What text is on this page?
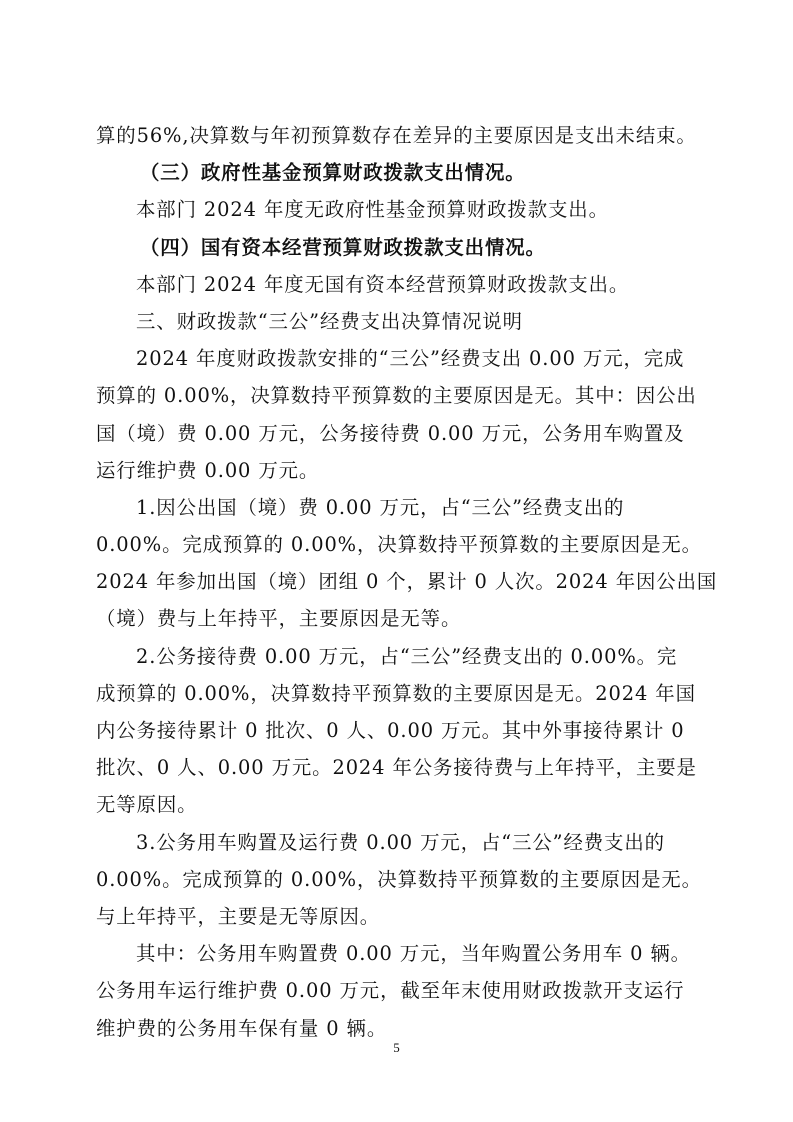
算的56%,决算数与年初预算数存在差异的主要原因是支出未结束。

（三）政府性基金预算财政拨款支出情况。

本部门 2024 年度无政府性基金预算财政拨款支出。

（四）国有资本经营预算财政拨款支出情况。

本部门 2024 年度无国有资本经营预算财政拨款支出。

三、财政拨款“三公”经费支出决算情况说明

2024 年度财政拨款安排的“三公”经费支出 0.00 万元，完成

预算的 0.00%，决算数持平预算数的主要原因是无。其中：因公出

国（境）费 0.00 万元，公务接待费 0.00 万元，公务用车购置及

运行维护费 0.00 万元。

1.因公出国（境）费 0.00 万元，占“三公”经费支出的

0.00%。完成预算的 0.00%，决算数持平预算数的主要原因是无。

2024 年参加出国（境）团组 0 个，累计 0 人次。2024 年因公出国

（境）费与上年持平，主要原因是无等。

2.公务接待费 0.00 万元，占“三公”经费支出的 0.00%。完

成预算的 0.00%，决算数持平预算数的主要原因是无。2024 年国

内公务接待累计 0 批次、0 人、0.00 万元。其中外事接待累计 0

批次、0 人、0.00 万元。2024 年公务接待费与上年持平，主要是

无等原因。

3.公务用车购置及运行费 0.00 万元，占“三公”经费支出的

0.00%。完成预算的 0.00%，决算数持平预算数的主要原因是无。

与上年持平，主要是无等原因。

其中：公务用车购置费 0.00 万元，当年购置公务用车 0 辆。

公务用车运行维护费 0.00 万元，截至年末使用财政拨款开支运行

维护费的公务用车保有量 0 辆。

5
